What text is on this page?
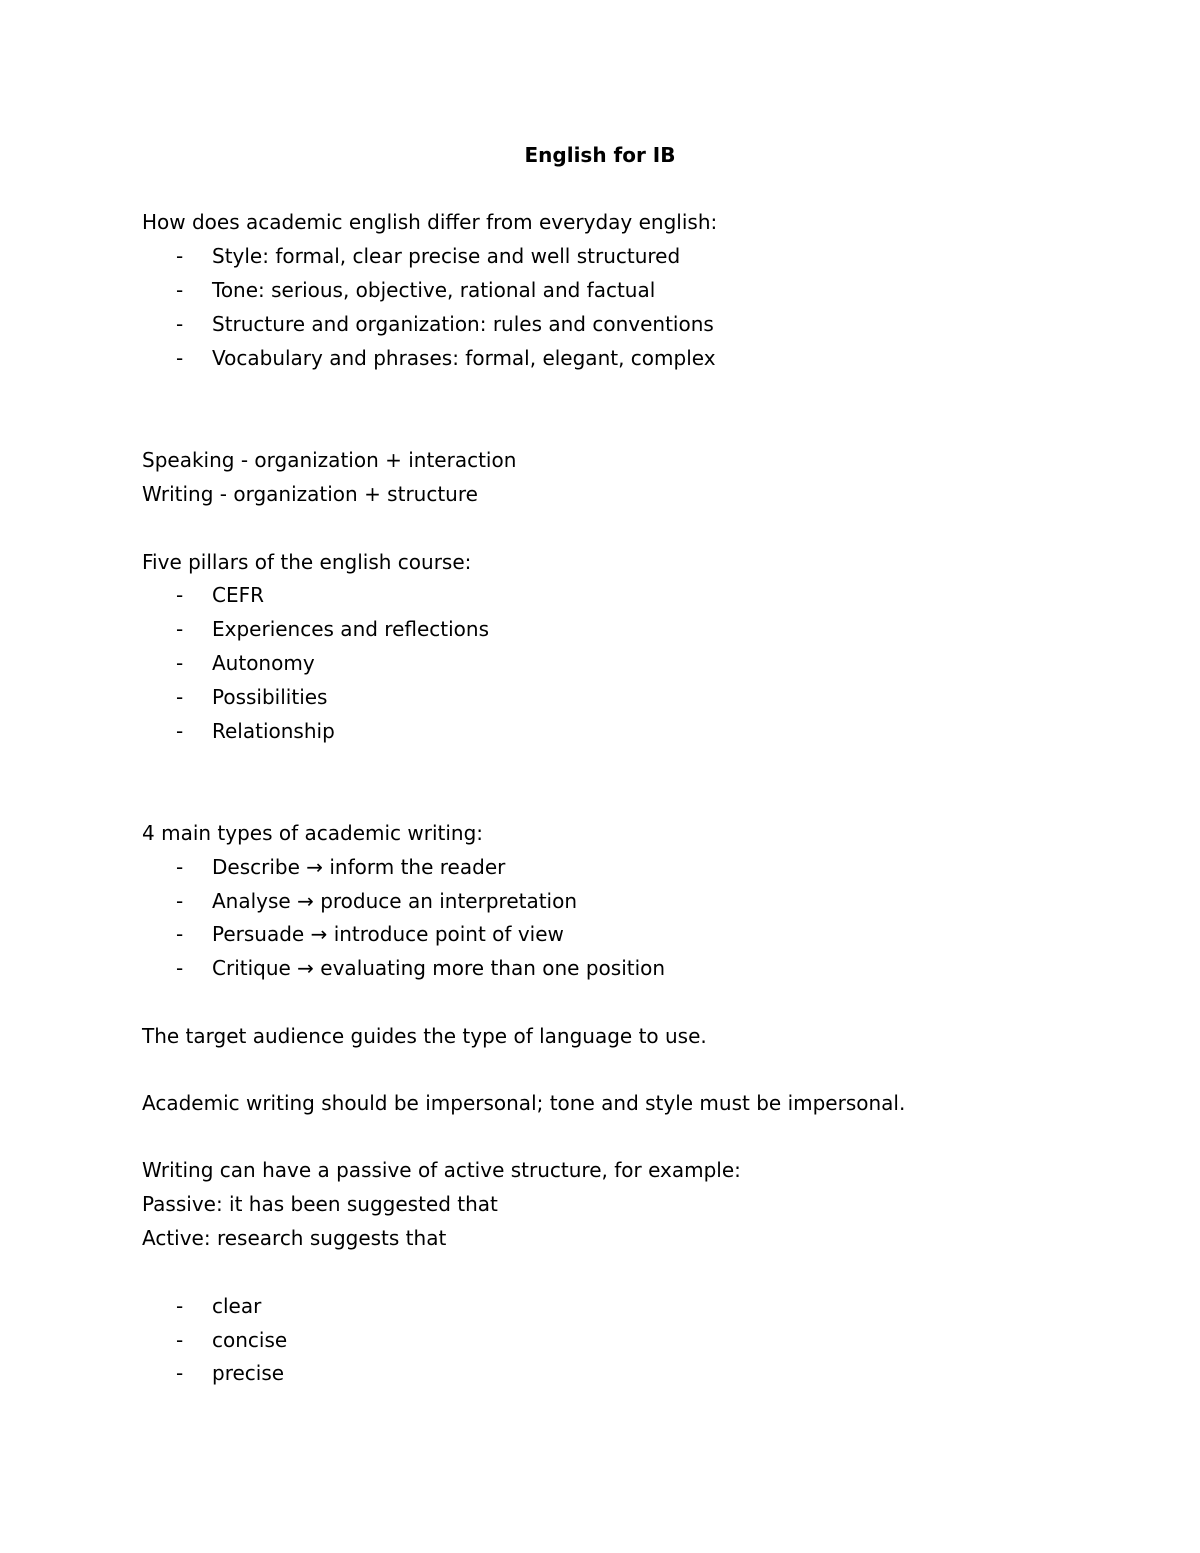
English for IB

How does academic english differ from everyday english:

-	Style: formal, clear precise and well structured
-	Tone: serious, objective, rational and factual
-	Structure and organization: rules and conventions
-	Vocabulary and phrases: formal, elegant, complex

Speaking - organization + interaction

Writing - organization + structure

Five pillars of the english course:

-	CEFR
-	Experiences and reflections
-	Autonomy
-	Possibilities
-	Relationship

4 main types of academic writing:

-	Describe → inform the reader
-	Analyse → produce an interpretation
-	Persuade → introduce point of view
-	Critique → evaluating more than one position

The target audience guides the type of language to use.

Academic writing should be impersonal; tone and style must be impersonal.

Writing can have a passive of active structure, for example:

Passive: it has been suggested that

Active: research suggests that

-	clear
-	concise
-	precise
